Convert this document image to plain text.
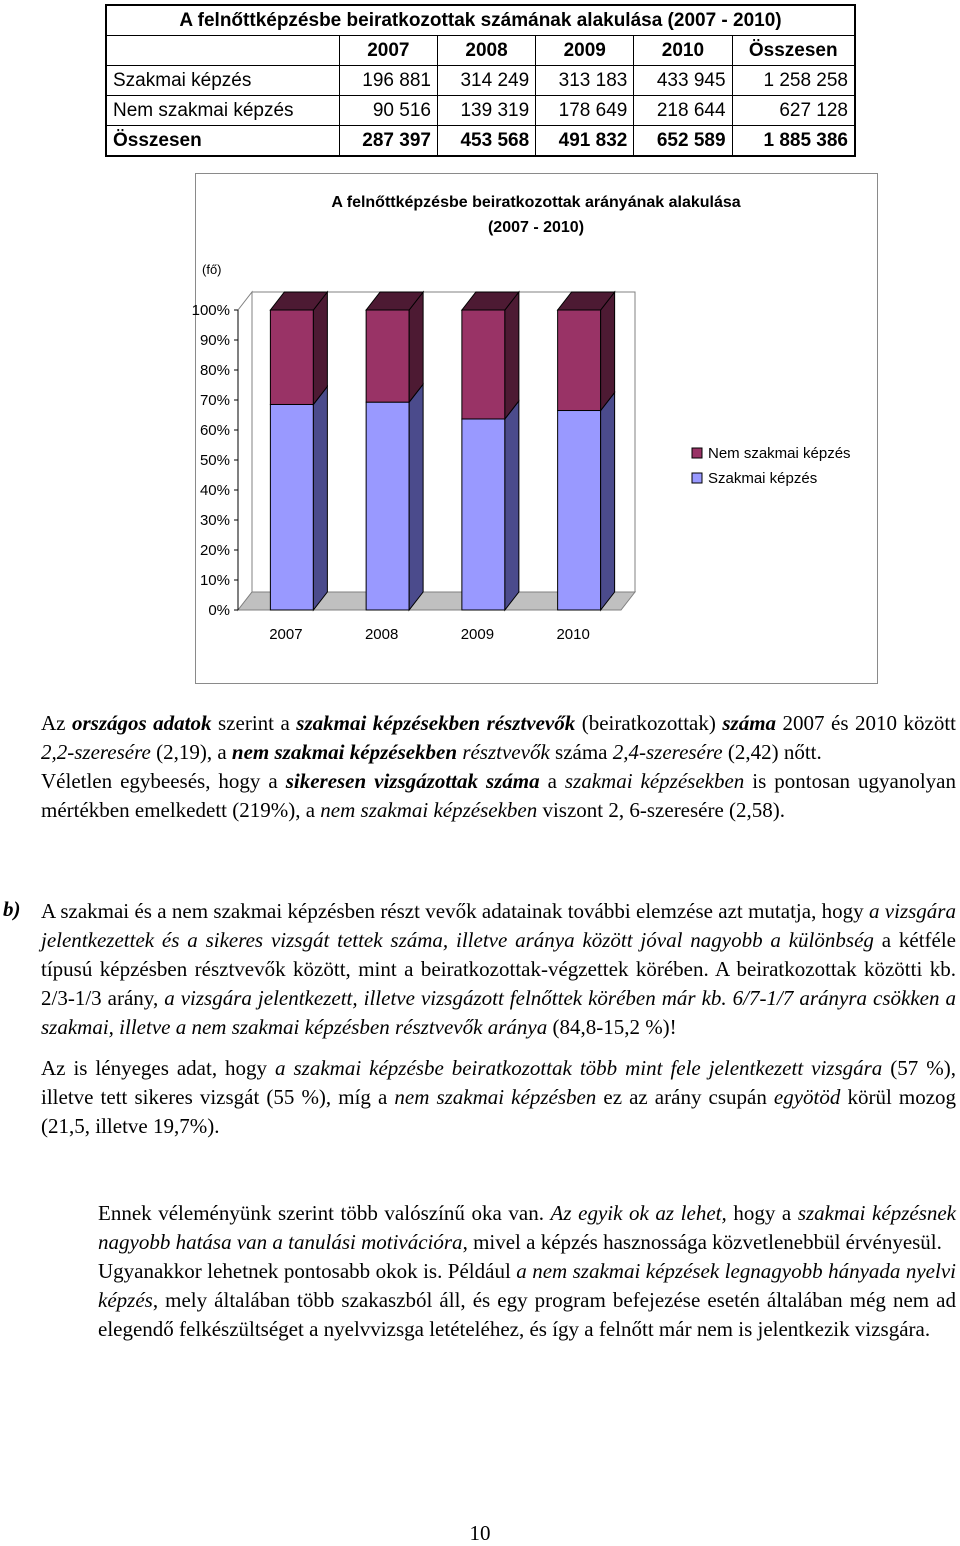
A felnőttképzésbe beiratkozottak számának alakulása (2007 - 2010)					
	2007	2008	2009	2010	Összesen
Szakmai képzés	196 881	314 249	313 183	433 945	1 258 258
Nem szakmai képzés	90 516	139 319	178 649	218 644	627 128
Összesen	287 397	453 568	491 832	652 589	1 885 386
A felnőttképzésbe beiratkozottak arányának alakulása
(2007 - 2010)
(fő)
0%
10%
20%
30%
40%
50%
60%
70%
80%
90%
100%
2007	2008	2009	2010
Nem szakmai képzés
Szakmai képzés

Az országos adatok szerint a szakmai képzésekben résztvevők (beiratkozottak) száma 2007 és 2010 között 2,2-szeresére (2,19), a nem szakmai képzésekben résztvevők száma 2,4-szeresére (2,42) nőtt.

Véletlen egybeesés, hogy a sikeresen vizsgázottak száma a szakmai képzésekben is pontosan ugyanolyan mértékben emelkedett (219%), a nem szakmai képzésekben viszont 2, 6-szeresére (2,58).

b) A szakmai és a nem szakmai képzésben részt vevők adatainak további elemzése azt mutatja, hogy a vizsgára jelentkezettek és a sikeres vizsgát tettek száma, illetve aránya között jóval nagyobb a különbség a kétféle típusú képzésben résztvevők között, mint a beiratkozottak-végzettek körében. A beiratkozottak közötti kb. 2/3-1/3 arány, a vizsgára jelentkezett, illetve vizsgázott felnőttek körében már kb. 6/7-1/7 arányra csökken a szakmai, illetve a nem szakmai képzésben résztvevők aránya (84,8-15,2 %)!

Az is lényeges adat, hogy a szakmai képzésbe beiratkozottak több mint fele jelentkezett vizsgára (57 %), illetve tett sikeres vizsgát (55 %), míg a nem szakmai képzésben ez az arány csupán egyötöd körül mozog (21,5, illetve 19,7%).

Ennek véleményünk szerint több valószínű oka van. Az egyik ok az lehet, hogy a szakmai képzésnek nagyobb hatása van a tanulási motivációra, mivel a képzés hasznossága közvetlenebbül érvényesül.

Ugyanakkor lehetnek pontosabb okok is. Például a nem szakmai képzések legnagyobb hányada nyelvi képzés, mely általában több szakaszból áll, és egy program befejezése esetén általában még nem ad elegendő felkészültséget a nyelvvizsga letételéhez, és így a felnőtt már nem is jelentkezik vizsgára.

10
